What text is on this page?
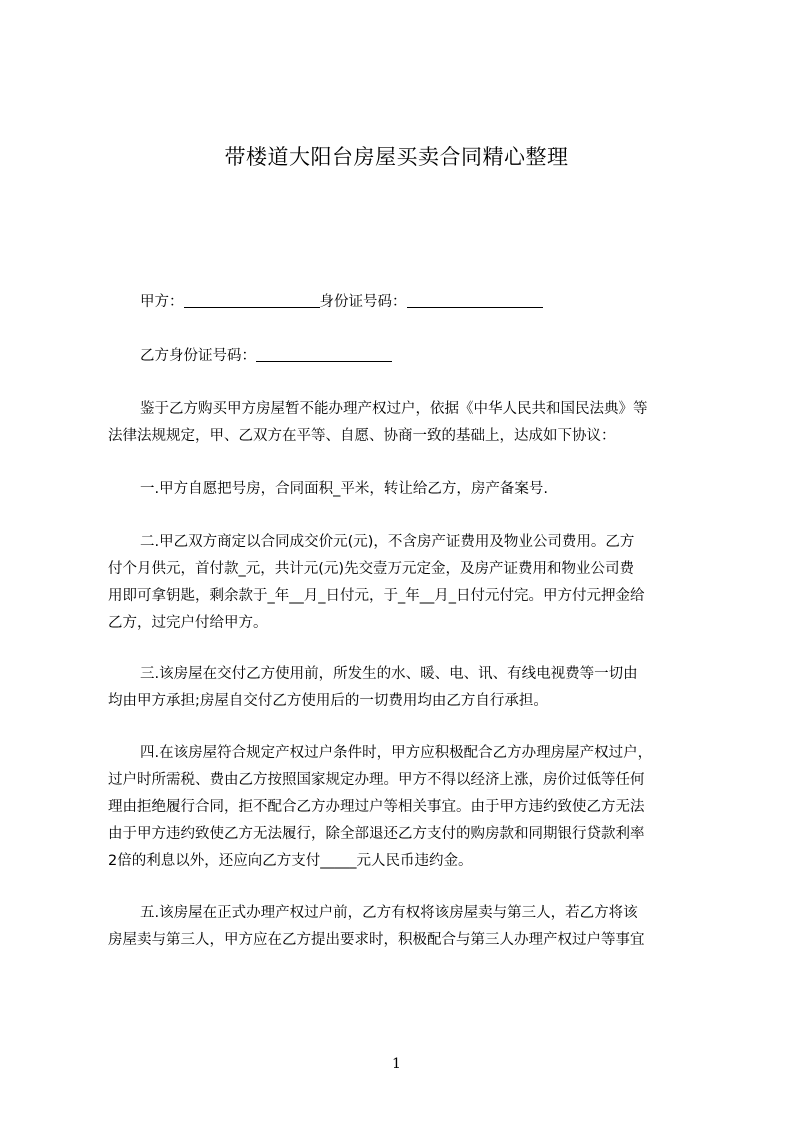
带楼道大阳台房屋买卖合同精心整理
甲方：	身份证号码：
乙方身份证号码：

鉴于乙方购买甲方房屋暂不能办理产权过户，依据《中华人民共和国民法典》等

法律法规规定，甲、乙双方在平等、自愿、协商一致的基础上，达成如下协议：

一.甲方自愿把号房，合同面积_平米，转让给乙方，房产备案号.

二.甲乙双方商定以合同成交价元(元)，不含房产证费用及物业公司费用。乙方

付个月供元，首付款_元，共计元(元)先交壹万元定金，及房产证费用和物业公司费

用即可拿钥匙，剩余款于_年__月_日付元，于_年__月_日付元付完。甲方付元押金给

乙方，过完户付给甲方。

三.该房屋在交付乙方使用前，所发生的水、暖、电、讯、有线电视费等一切由

均由甲方承担;房屋自交付乙方使用后的一切费用均由乙方自行承担。

四.在该房屋符合规定产权过户条件时，甲方应积极配合乙方办理房屋产权过户，

过户时所需税、费由乙方按照国家规定办理。甲方不得以经济上涨，房价过低等任何

理由拒绝履行合同，拒不配合乙方办理过户等相关事宜。由于甲方违约致使乙方无法

由于甲方违约致使乙方无法履行，除全部退还乙方支付的购房款和同期银行贷款利率

2倍的利息以外，还应向乙方支付_____元人民币违约金。

五.该房屋在正式办理产权过户前，乙方有权将该房屋卖与第三人，若乙方将该

房屋卖与第三人，甲方应在乙方提出要求时，积极配合与第三人办理产权过户等事宜

1
